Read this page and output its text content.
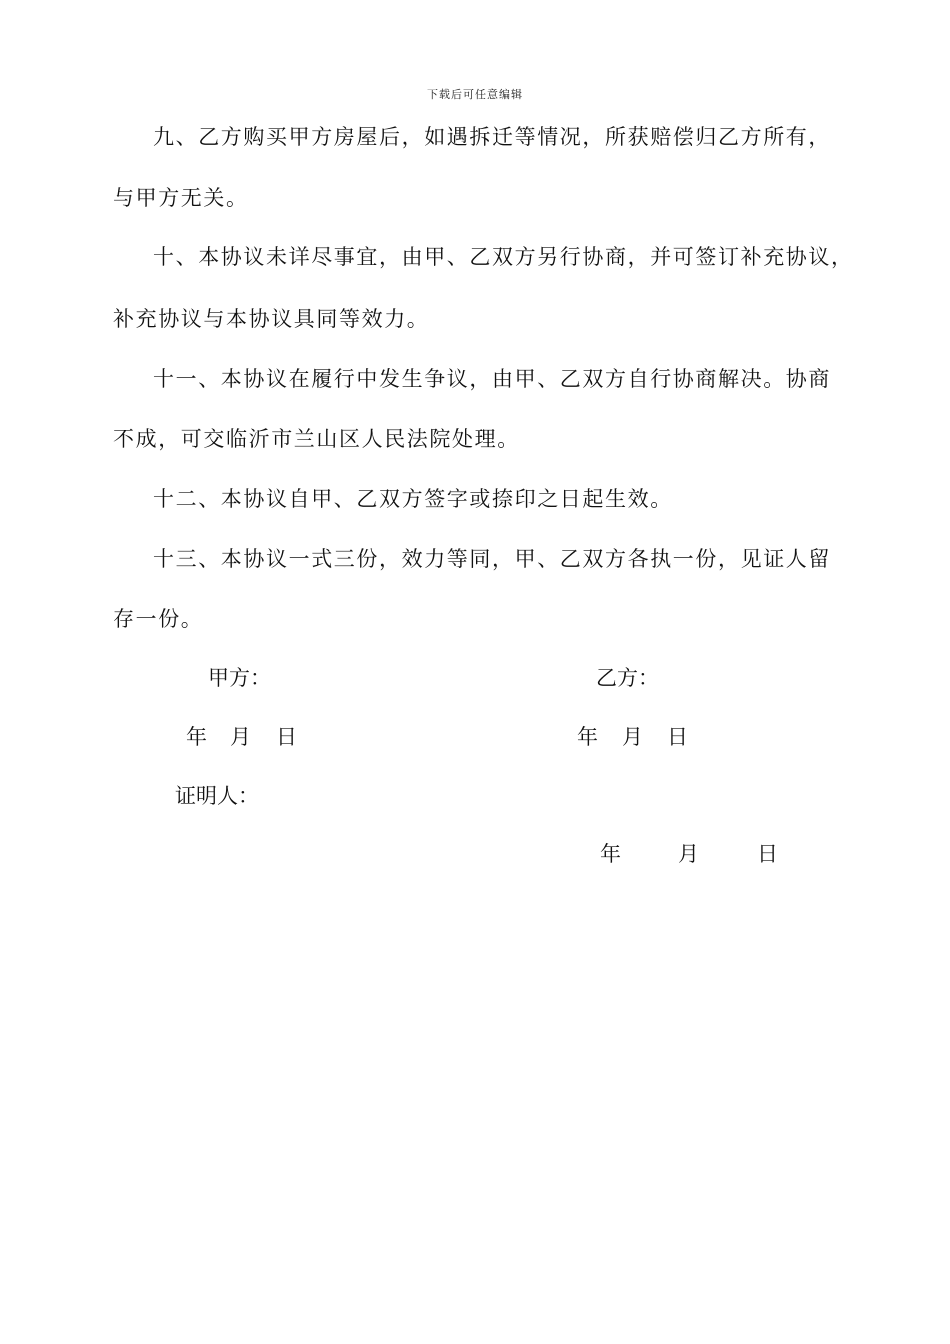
下载后可任意编辑
九、乙方购买甲方房屋后，如遇拆迁等情况，所获赔偿归乙方所有，
与甲方无关。
十、本协议未详尽事宜，由甲、乙双方另行协商，并可签订补充协议，
补充协议与本协议具同等效力。
十一、本协议在履行中发生争议，由甲、乙双方自行协商解决。协商
不成，可交临沂市兰山区人民法院处理。
十二、本协议自甲、乙双方签字或捺印之日起生效。
十三、本协议一式三份，效力等同，甲、乙双方各执一份，见证人留
存一份。
甲方：	乙方：
年 月 日	年 月 日
证明人：
年	月	日
